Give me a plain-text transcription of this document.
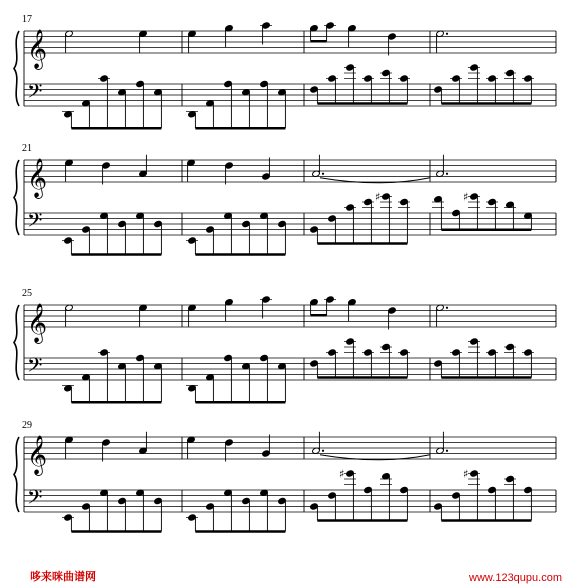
𝄞
𝄢
17
𝄞
𝄢
21
♯	♯
𝄞
𝄢
25
𝄞
𝄢
29
♯	♯
哆来咪曲谱网	www.123qupu.com
